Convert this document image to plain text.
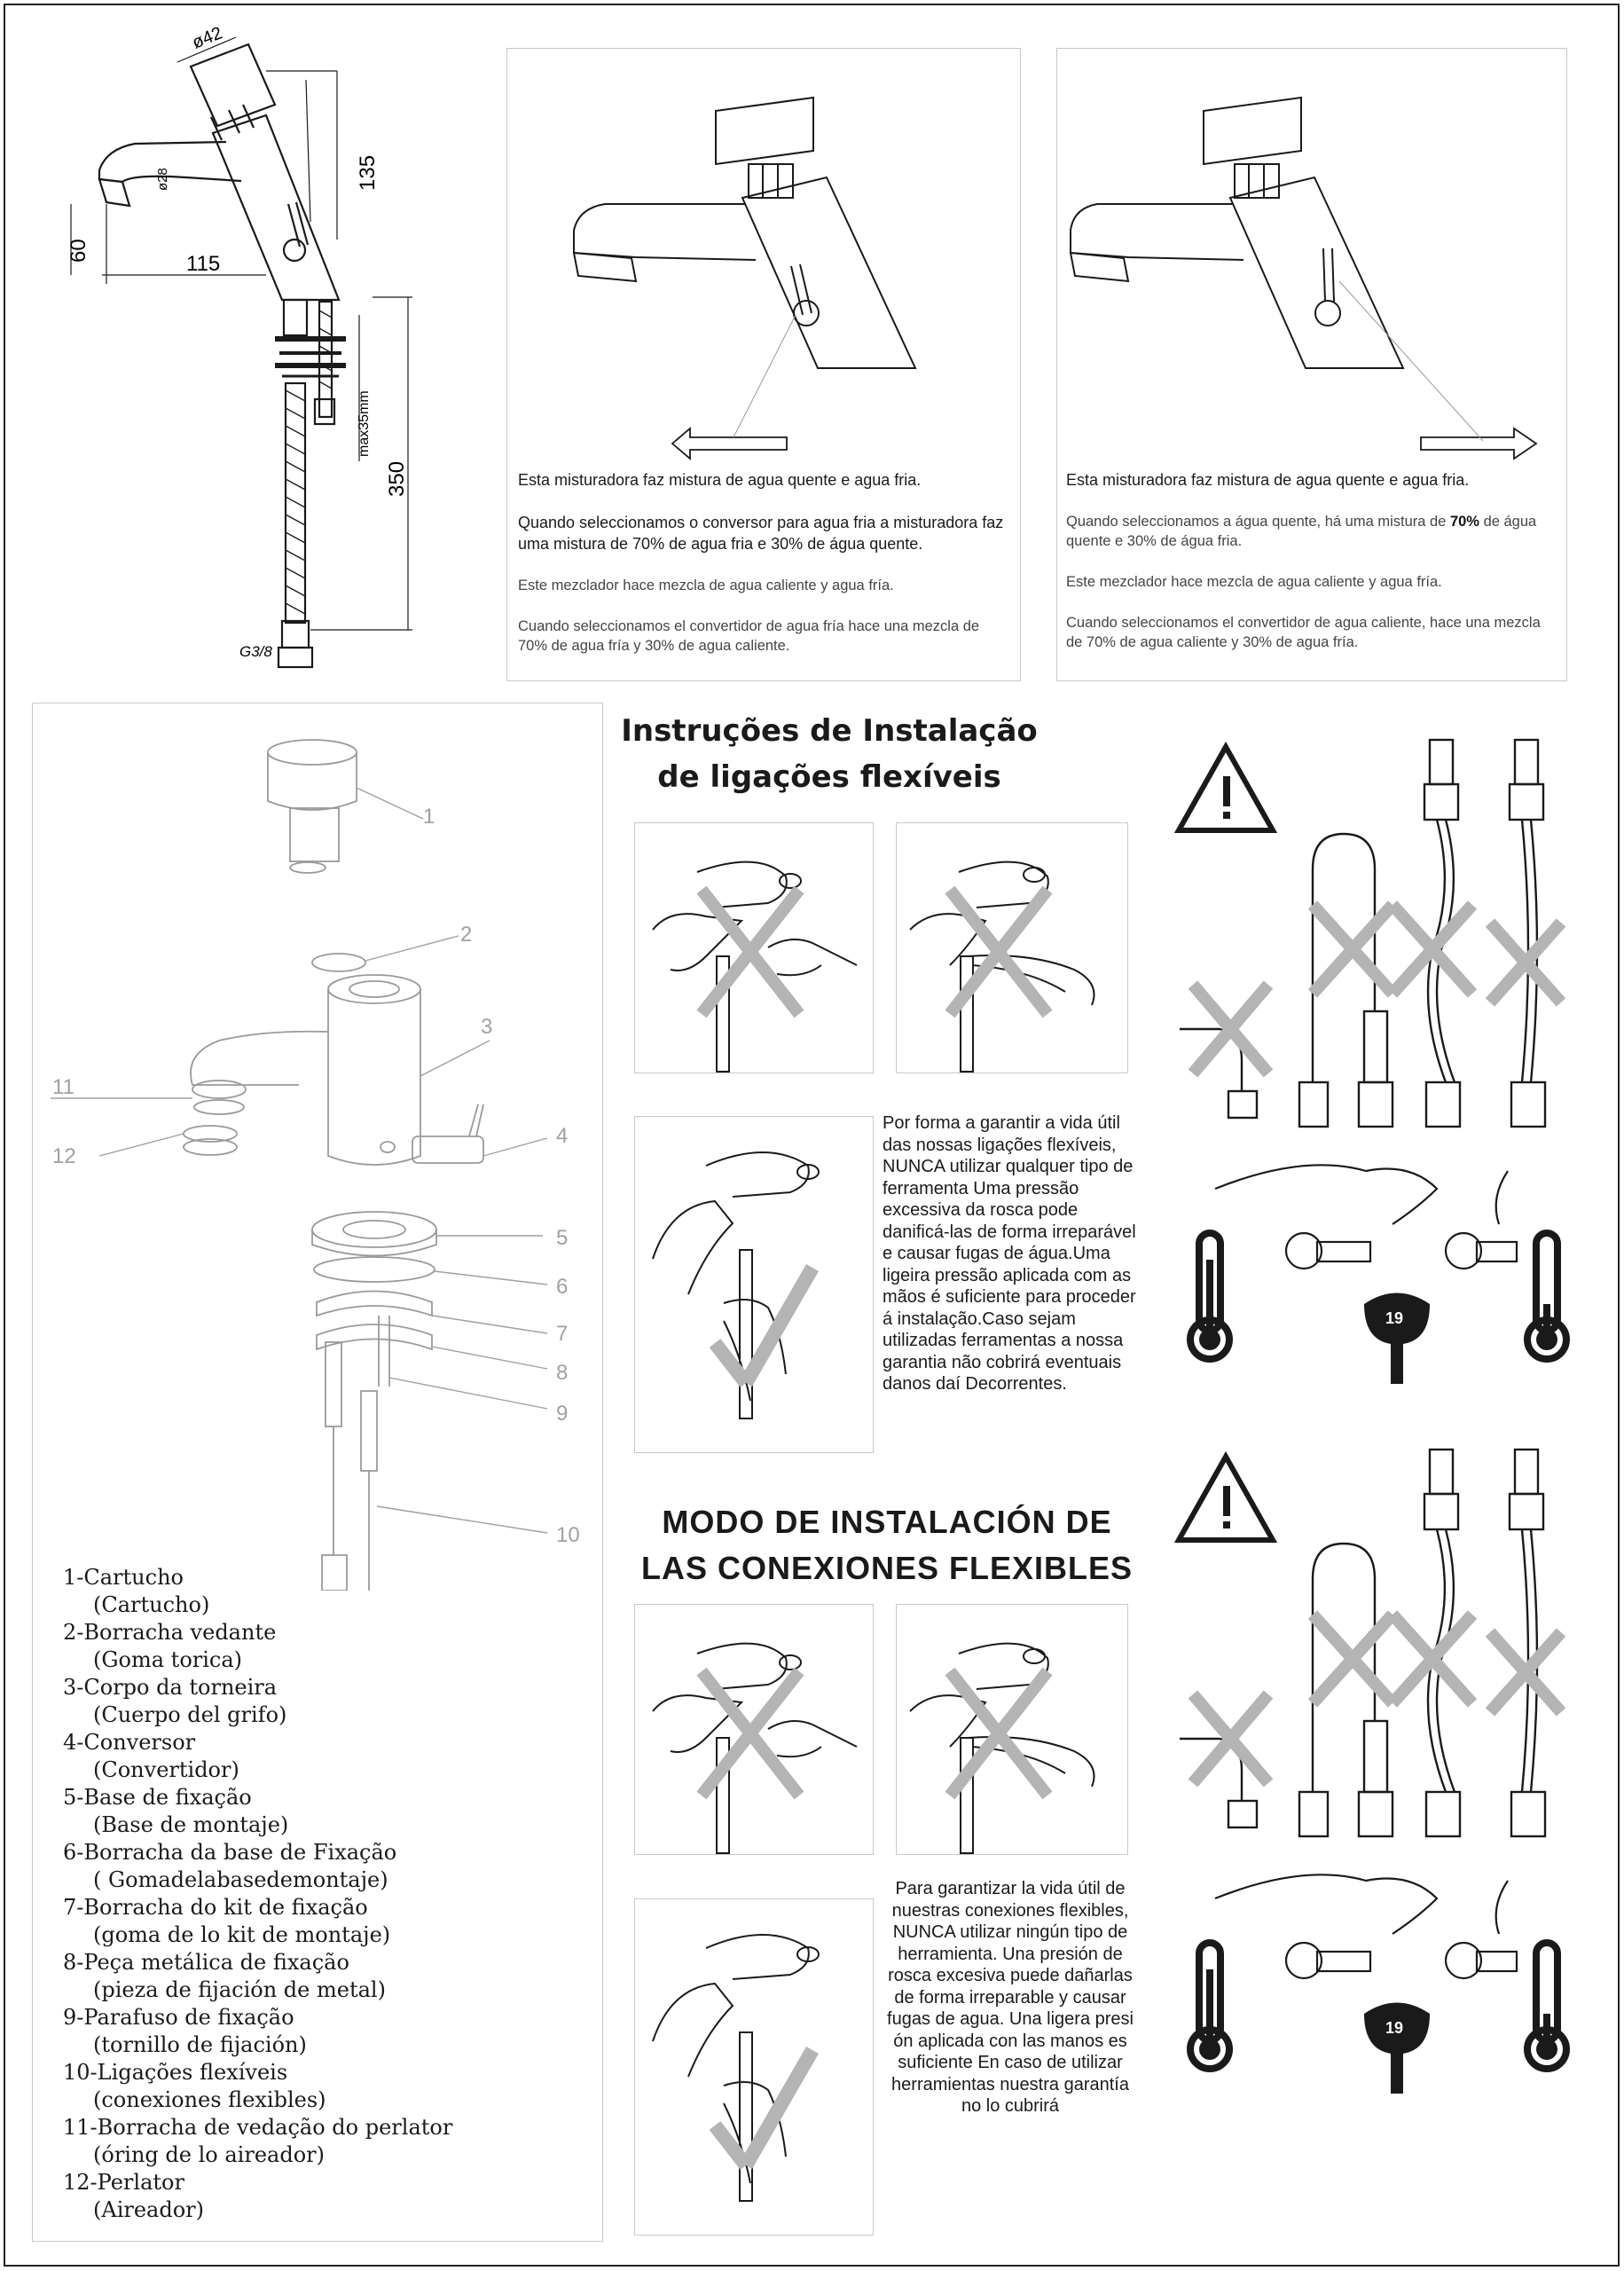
ø42
ø28	135
60
115
max35mm
350
G3/8

Esta misturadora faz mistura de agua quente e agua fria.

Quando seleccionamos o conversor para agua fria a misturadora faz uma mistura de 70% de agua fria e 30% de água quente.

Este mezclador hace mezcla de agua caliente y agua fría.

Cuando seleccionamos el convertidor de agua fría hace una mezcla de 70% de agua fría y 30% de agua caliente.

Esta misturadora faz mistura de agua quente e agua fria.

Quando seleccionamos a água quente, há uma mistura de 70% de água quente e 30% de água fria.

Este mezclador hace mezcla de agua caliente y agua fría.

Cuando seleccionamos el convertidor de agua caliente, hace una mezcla de 70% de agua caliente y 30% de agua fría.

1
2
3
4
5
6
7
8
9
10
11
12
1-Cartucho
(Cartucho)
2-Borracha vedante
(Goma torica)
3-Corpo da torneira
(Cuerpo del grifo)
4-Conversor
(Convertidor)
5-Base de fixação
(Base de montaje)
6-Borracha da base de Fixação
( Gomadelabasedemontaje)
7-Borracha do kit de fixação
(goma de lo kit de montaje)
8-Peça metálica de fixação
(pieza de fijación de metal)
9-Parafuso de fixação
(tornillo de fijación)
10-Ligações flexíveis
(conexiones flexibles)
11-Borracha de vedação do perlator
(óring de lo aireador)
12-Perlator
(Aireador)
Instruções de Instalação
de ligações flexíveis
Por forma a garantir a vida útil das nossas ligações flexíveis, NUNCA utilizar qualquer tipo de ferramenta Uma pressão excessiva da rosca pode danificá-las de forma irreparável e causar fugas de água.Uma ligeira pressão aplicada com as mãos é suficiente para proceder á instalação.Caso sejam utilizadas ferramentas a nossa garantia não cobrirá eventuais danos daí Decorrentes.
MODO DE INSTALACIÓN DE
LAS CONEXIONES FLEXIBLES
Para garantizar la vida útil de nuestras conexiones flexibles, NUNCA utilizar ningún tipo de herramienta. Una presión de rosca excesiva puede dañarlas de forma irreparable y causar fugas de agua. Una ligera presi ón aplicada con las manos es suficiente En caso de utilizar herramientas nuestra garantía no lo cubrirá
19
19
